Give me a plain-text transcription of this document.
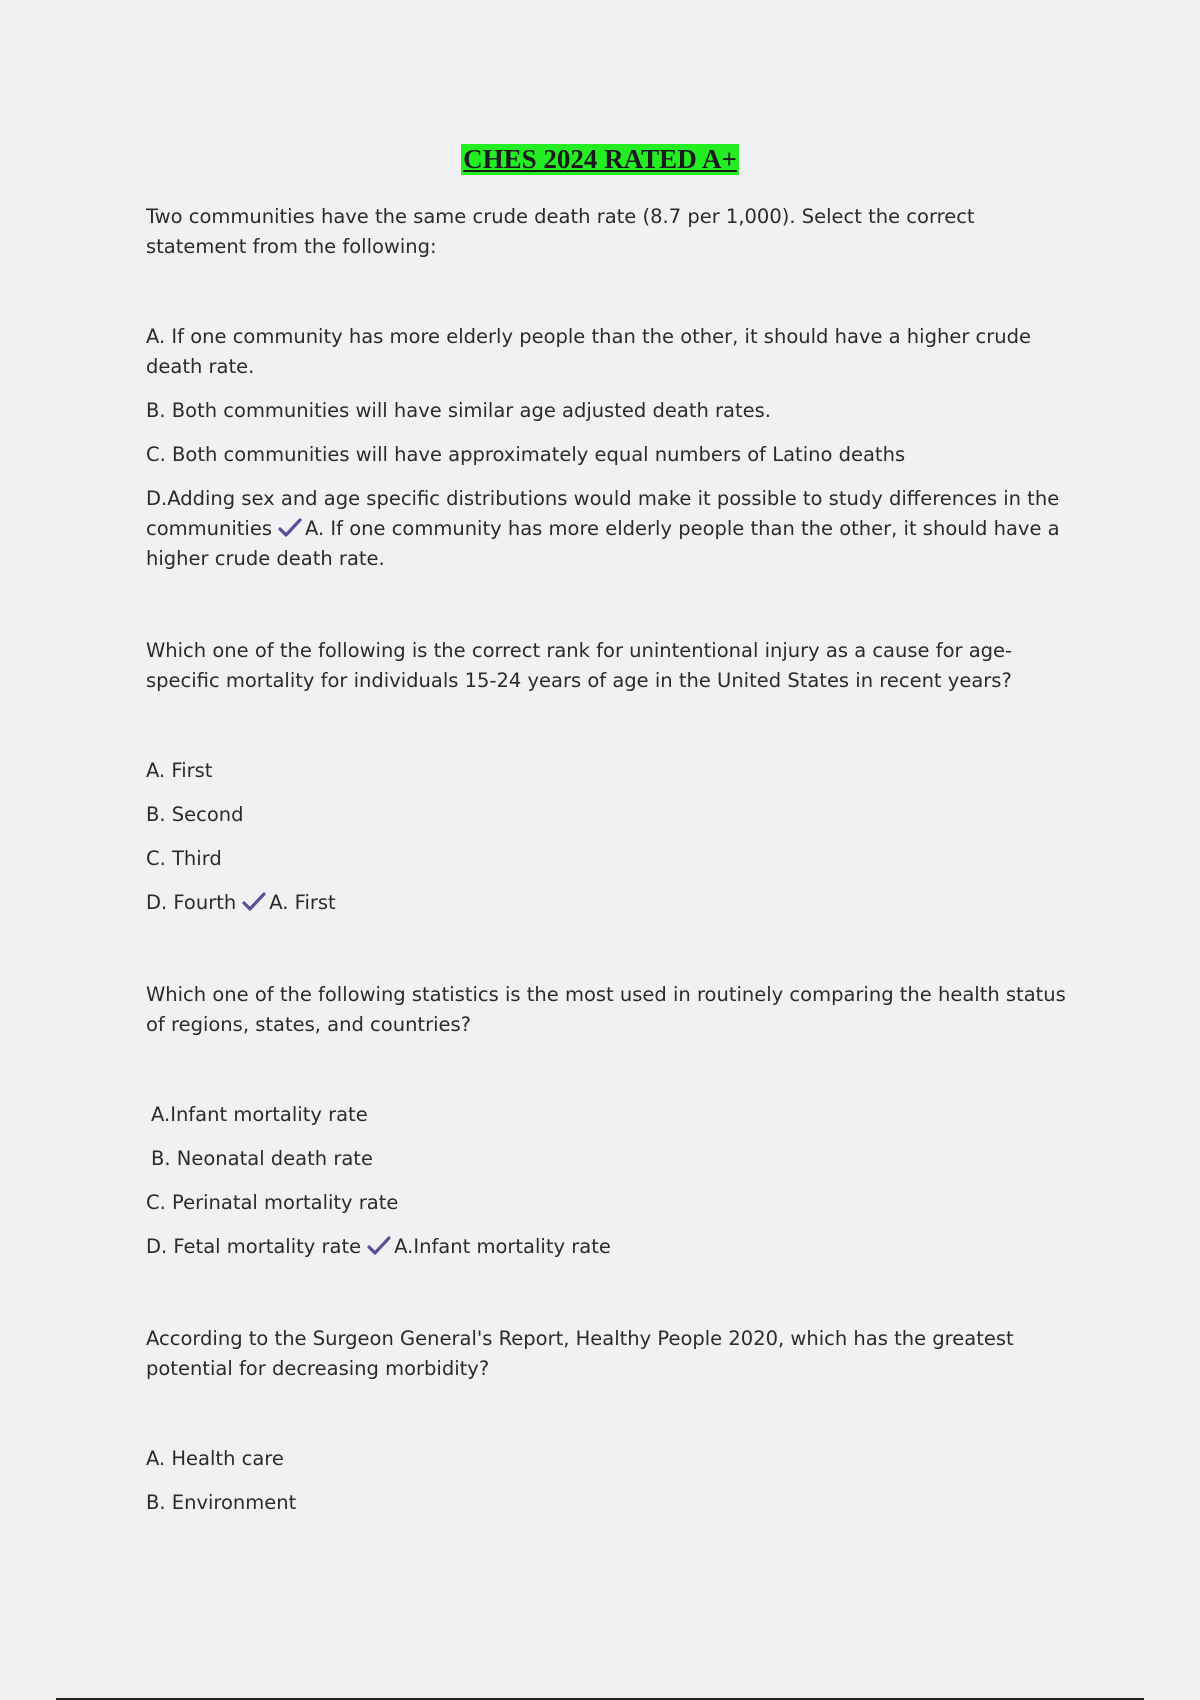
CHES 2024 RATED A+

Two communities have the same crude death rate (8.7 per 1,000). Select the correct statement from the following:

A. If one community has more elderly people than the other, it should have a higher crude death rate.

B. Both communities will have similar age adjusted death rates.

C. Both communities will have approximately equal numbers of Latino deaths

D.Adding sex and age specific distributions would make it possible to study differences in the communities A. If one community has more elderly people than the other, it should have a higher crude death rate.

Which one of the following is the correct rank for unintentional injury as a cause for age-specific mortality for individuals 15-24 years of age in the United States in recent years?

A. First

B. Second

C. Third

D. Fourth A. First

Which one of the following statistics is the most used in routinely comparing the health status of regions, states, and countries?

A.Infant mortality rate

B. Neonatal death rate

C. Perinatal mortality rate

D. Fetal mortality rate A.Infant mortality rate

According to the Surgeon General's Report, Healthy People 2020, which has the greatest potential for decreasing morbidity?

A. Health care

B. Environment
